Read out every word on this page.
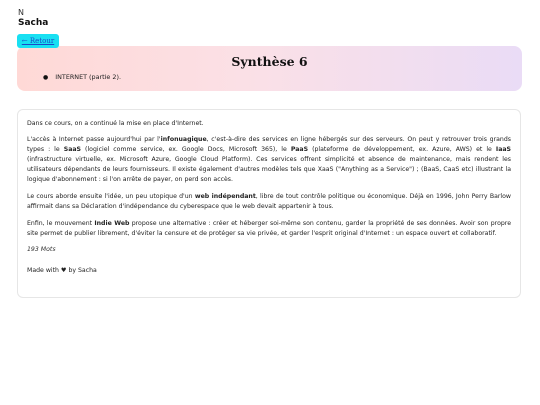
N
Sacha
Synthèse 6
● INTERNET (partie 2).
← Retour

Dans ce cours, on a continué la mise en place d'Internet.

L'accès à Internet passe aujourd'hui par l'infonuagique, c'est-à-dire des services en ligne hébergés sur des serveurs. On peut y retrouver trois grands types : le SaaS (logiciel comme service, ex. Google Docs, Microsoft 365), le PaaS (plateforme de développement, ex. Azure, AWS) et le IaaS (infrastructure virtuelle, ex. Microsoft Azure, Google Cloud Platform). Ces services offrent simplicité et absence de maintenance, mais rendent les utilisateurs dépendants de leurs fournisseurs. Il existe également d'autres modèles tels que XaaS ("Anything as a Service") ; (BaaS, CaaS etc) illustrant la logique d'abonnement : si l'on arrête de payer, on perd son accès.

Le cours aborde ensuite l'idée, un peu utopique d'un web indépendant, libre de tout contrôle politique ou économique. Déjà en 1996, John Perry Barlow affirmait dans sa Déclaration d'indépendance du cyberespace que le web devait appartenir à tous.

Enfin, le mouvement Indie Web propose une alternative : créer et héberger soi-même son contenu, garder la propriété de ses données. Avoir son propre site permet de publier librement, d'éviter la censure et de protéger sa vie privée, et garder l'esprit original d'Internet : un espace ouvert et collaboratif.

193 Mots
Made with ♥ by Sacha
